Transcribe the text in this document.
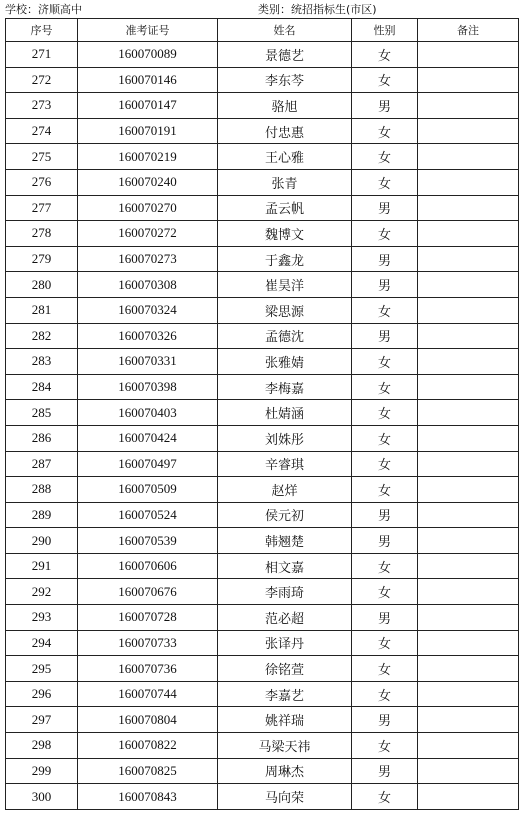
学校：济顺高中	类别：统招指标生(市区)
序号	准考证号	姓名	性别	备注
271	160070089	景德艺	女	
272	160070146	李东芩	女	
273	160070147	骆旭	男	
274	160070191	付忠惠	女	
275	160070219	王心雅	女	
276	160070240	张青	女	
277	160070270	孟云帆	男	
278	160070272	魏博文	女	
279	160070273	于鑫龙	男	
280	160070308	崔昊洋	男	
281	160070324	梁思源	女	
282	160070326	孟德沈	男	
283	160070331	张雅婧	女	
284	160070398	李梅嘉	女	
285	160070403	杜婧涵	女	
286	160070424	刘姝彤	女	
287	160070497	辛睿琪	女	
288	160070509	赵烊	女	
289	160070524	侯元初	男	
290	160070539	韩翘楚	男	
291	160070606	相文嘉	女	
292	160070676	李雨琦	女	
293	160070728	范必超	男	
294	160070733	张译丹	女	
295	160070736	徐铭萱	女	
296	160070744	李嘉艺	女	
297	160070804	姚祥瑞	男	
298	160070822	马梁天祎	女	
299	160070825	周琳杰	男	
300	160070843	马向荣	女	
